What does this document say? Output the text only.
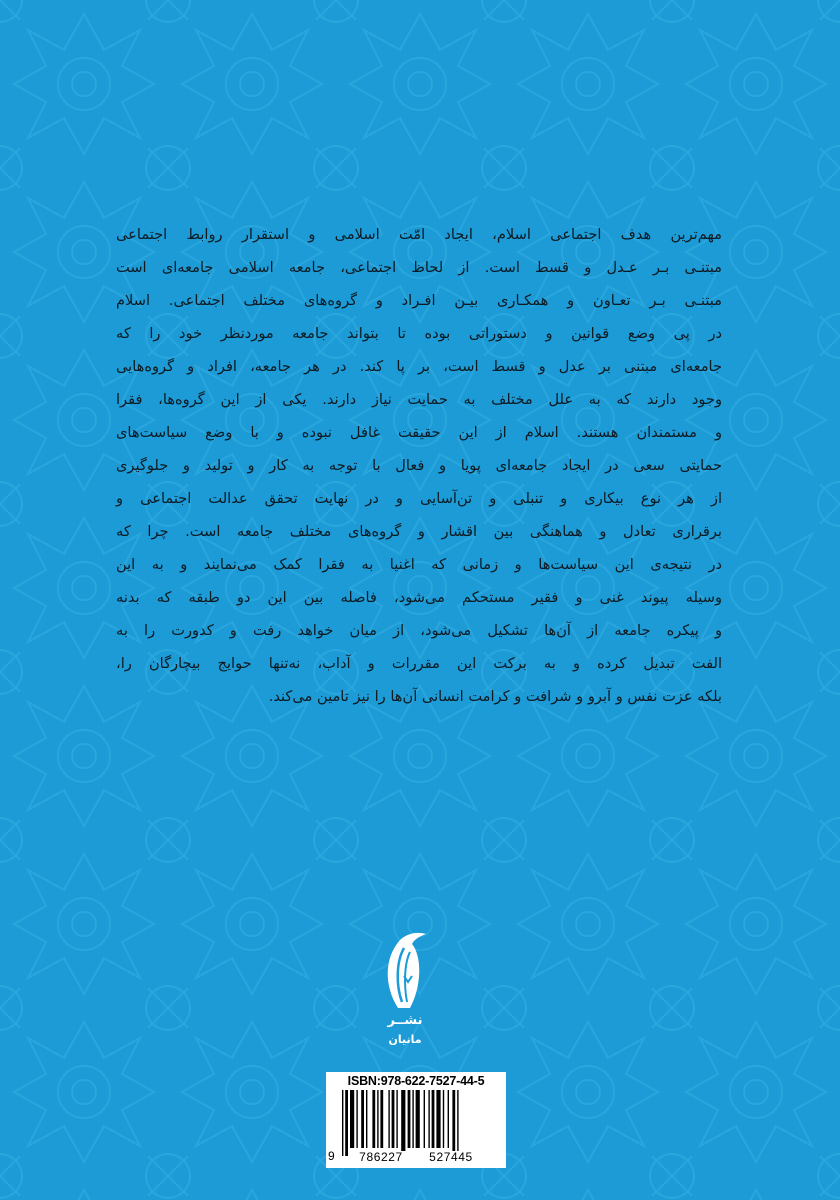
مهم‌ترین هدف اجتماعی اسلام، ایجاد امّت اسلامی و استقرار روابط اجتماعی
مبتنـی بـر عـدل و قسط است. از لحاظ اجتماعی، جامعه اسلامی جامعه‌ای است
مبتنـی بـر تعـاون و همکـاری بیـن افـراد و گروه‌های مختلف اجتماعی. اسلام
در پی وضع قوانین و دستوراتی بوده تا بتواند جامعه موردنظر خود را که
جامعه‌ای مبتنی بر عدل و قسط است، بر پا کند. در هر جامعه، افراد و گروه‌هایی
وجود دارند که به علل مختلف به حمایت نیاز دارند. یکی از این گروه‌ها، فقرا
و مستمندان هستند. اسلام از این حقیقت غافل نبوده و با وضع سیاست‌های
حمایتی سعی در ایجاد جامعه‌ای پویا و فعال با توجه به کار و تولید و جلوگیری
از هر نوع بیکاری و تنبلی و تن‌آسایی و در نهایت تحقق عدالت اجتماعی و
برقراری تعادل و هماهنگی بین اقشار و گروه‌های مختلف جامعه است. چرا که
در نتیجه‌ی این سیاست‌ها و زمانی که اغنیا به فقرا کمک می‌نمایند و به این
وسیله پیوند غنی و فقیر مستحکم می‌شود، فاصله بین این دو طبقه که بدنه
و پیکره جامعه از آن‌ها تشکیل می‌شود، از میان خواهد رفت و کدورت را به
الفت تبدیل کرده و به برکت این مقررات و آداب، نه‌تنها حوایج بیچارگان را،
بلکه عزت نفس و آبرو و شرافت و کرامت انسانی آن‌ها را نیز تامین می‌کند.
نشــر
مانیان
ISBN:978-622-7527-44-5
9	786227	527445
